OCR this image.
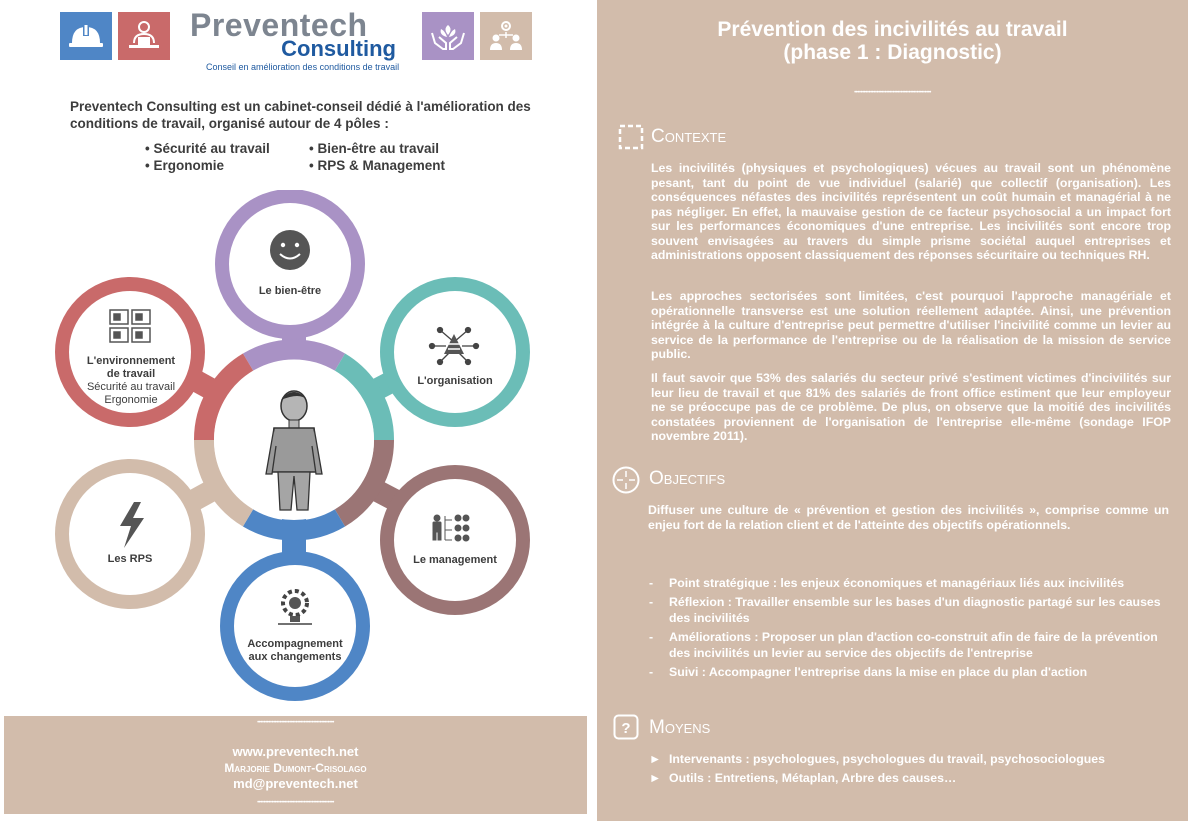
Preventech
Consulting
Conseil en amélioration des conditions de travail
Preventech Consulting est un cabinet-conseil dédié à l'amélioration des conditions de travail, organisé autour de 4 pôles :
• Sécurité au travail
• Ergonomie
• Bien-être au travail
• RPS & Management
Le bien-être
L'organisation
Le management
Accompagnement
aux changements
Les RPS
L'environnement
de travail
Sécurité au travail
Ergonomie
••••••••••••••••••••••••••••••••••••••••••••••••
www.preventech.net
Marjorie Dumont-Crisolago
md@preventech.net
••••••••••••••••••••••••••••••••••••••••••••••••
Prévention des incivilités au travail
(phase 1 : Diagnostic)
••••••••••••••••••••••••••••••••••••••••••••••••
Contexte
Les incivilités (physiques et psychologiques) vécues au travail sont un phénomène pesant, tant du point de vue individuel (salarié) que collectif (organisation). Les conséquences néfastes des incivilités représentent un coût humain et managérial à ne pas négliger. En effet, la mauvaise gestion de ce facteur psychosocial a un impact fort sur les performances économiques d'une entreprise. Les incivilités sont encore trop souvent envisagées au travers du simple prisme sociétal auquel entreprises et administrations opposent classiquement des réponses sécuritaire ou techniques RH.
Les approches sectorisées sont limitées, c'est pourquoi l'approche managériale et opérationnelle transverse est une solution réellement adaptée. Ainsi, une prévention intégrée à la culture d'entreprise peut permettre d'utiliser l'incivilité comme un levier au service de la performance de l'entreprise ou de la réalisation de la mission de service public.
Il faut savoir que 53% des salariés du secteur privé s'estiment victimes d'incivilités sur leur lieu de travail et que 81% des salariés de front office estiment que leur employeur ne se préoccupe pas de ce problème. De plus, on observe que la moitié des incivilités constatées proviennent de l'organisation de l'entreprise elle-même (sondage IFOP novembre 2011).
Objectifs
Diffuser une culture de « prévention et gestion des incivilités », comprise comme un enjeu fort de la relation client et de l'atteinte des objectifs opérationnels.
- Point stratégique : les enjeux économiques et managériaux liés aux incivilités
- Réflexion : Travailler ensemble sur les bases d'un diagnostic partagé sur les causes des incivilités
- Améliorations : Proposer un plan d'action co-construit afin de faire de la prévention des incivilités un levier au service des objectifs de l'entreprise
- Suivi : Accompagner l'entreprise dans la mise en place du plan d'action
? Moyens
► Intervenants : psychologues, psychologues du travail, psychosociologues
► Outils : Entretiens, Métaplan, Arbre des causes…
